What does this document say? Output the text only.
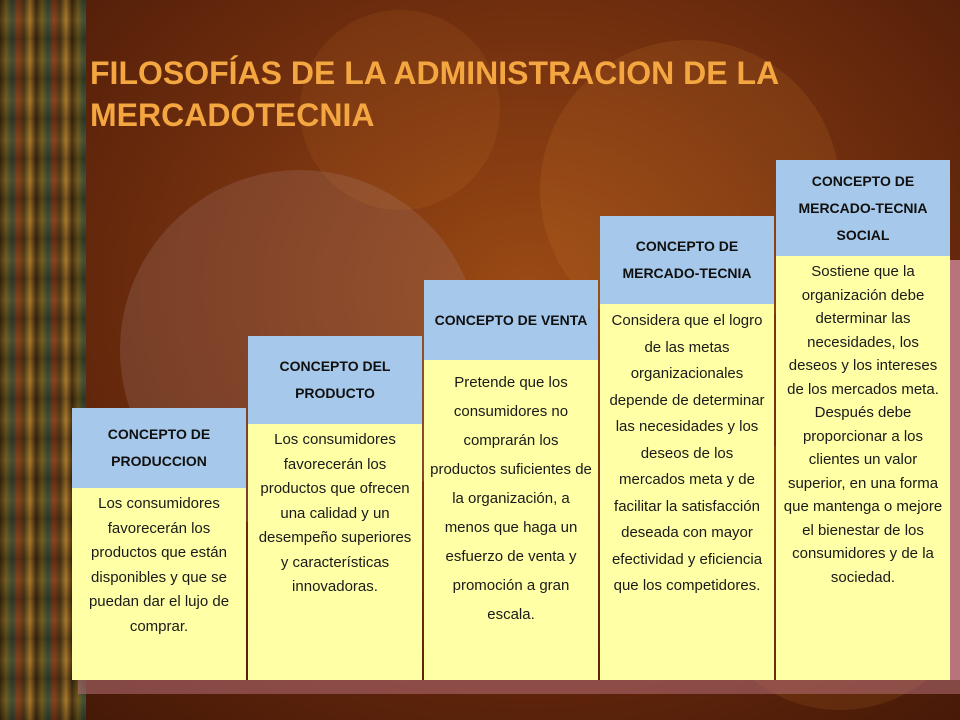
FILOSOFÍAS DE LA ADMINISTRACION DE LA MERCADOTECNIA
CONCEPTO DE PRODUCCION
Los consumidores favorecerán los productos que están disponibles y que se puedan dar el lujo de comprar.
CONCEPTO DEL PRODUCTO
Los consumidores favorecerán los productos que ofrecen una calidad y un desempeño superiores y características innovadoras.
CONCEPTO DE VENTA
Pretende que los consumidores no comprarán los productos suficientes de la organización, a menos que haga un esfuerzo de venta y promoción a gran escala.
CONCEPTO DE MERCADO-TECNIA
Considera que el logro de las metas organizacionales depende de determinar las necesidades y los deseos de los mercados meta y de facilitar la satisfacción deseada con mayor efectividad y eficiencia que los competidores.
CONCEPTO DE MERCADO-TECNIA SOCIAL
Sostiene que la organización debe determinar las necesidades, los deseos y los intereses de los mercados meta. Después debe proporcionar a los clientes un valor superior, en una forma que mantenga o mejore el bienestar de los consumidores y de la sociedad.
